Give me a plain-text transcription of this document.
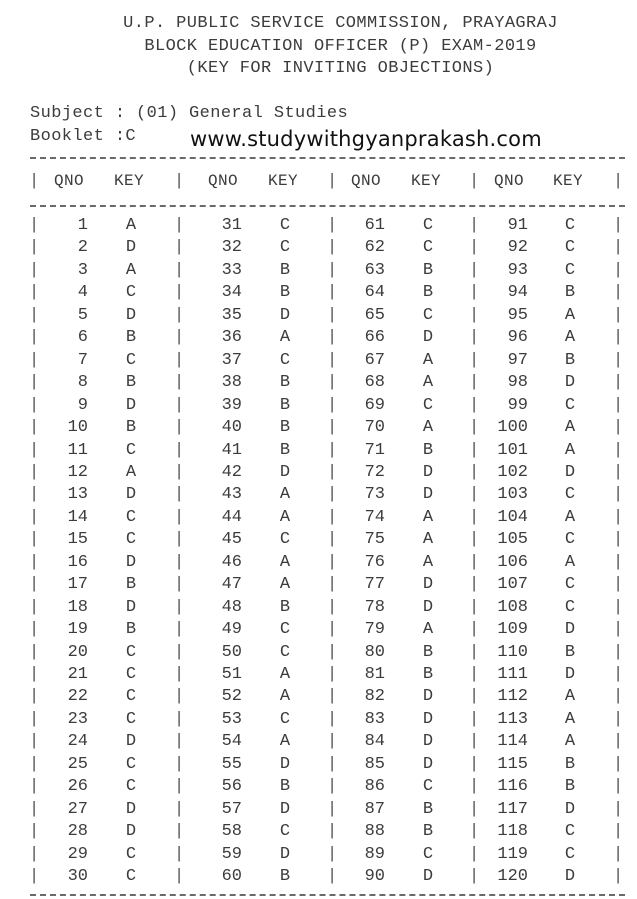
U.P. PUBLIC SERVICE COMMISSION, PRAYAGRAJ
BLOCK EDUCATION OFFICER (P) EXAM-2019
(KEY FOR INVITING OBJECTIONS)
Subject : (01) General Studies
Booklet :C	www.studywithgyanprakash.com
QNO KEY	QNO KEY	QNO KEY	QNO KEY
|	|	|	|	|
1 A	31 C	61 C	91 C
|	|	|	|	|
2 D	32 C	62 C	92 C
|	|	|	|	|
3 A	33 B	63 B	93 C
|	|	|	|	|
4 C	34 B	64 B	94 B
|	|	|	|	|
5 D	35 D	65 C	95 A
|	|	|	|	|
6 B	36 A	66 D	96 A
|	|	|	|	|
7 C	37 C	67 A	97 B
|	|	|	|	|
8 B	38 B	68 A	98 D
|	|	|	|	|
9 D	39 B	69 C	99 C
|	|	|	|	|
10 B	40 B	70 A	100 A
|	|	|	|	|
11 C	41 B	71 B	101 A
|	|	|	|	|
12 A	42 D	72 D	102 D
|	|	|	|	|
13 D	43 A	73 D	103 C
|	|	|	|	|
14 C	44 A	74 A	104 A
|	|	|	|	|
15 C	45 C	75 A	105 C
|	|	|	|	|
16 D	46 A	76 A	106 A
|	|	|	|	|
17 B	47 A	77 D	107 C
|	|	|	|	|
18 D	48 B	78 D	108 C
|	|	|	|	|
19 B	49 C	79 A	109 D
|	|	|	|	|
20 C	50 C	80 B	110 B
|	|	|	|	|
21 C	51 A	81 B	111 D
|	|	|	|	|
22 C	52 A	82 D	112 A
|	|	|	|	|
23 C	53 C	83 D	113 A
|	|	|	|	|
24 D	54 A	84 D	114 A
|	|	|	|	|
25 C	55 D	85 D	115 B
|	|	|	|	|
26 C	56 B	86 C	116 B
|	|	|	|	|
27 D	57 D	87 B	117 D
|	|	|	|	|
28 D	58 C	88 B	118 C
|	|	|	|	|
29 C	59 D	89 C	119 C
|	|	|	|	|
30 C	60 B	90 D	120 D
|	|	|	|	|
